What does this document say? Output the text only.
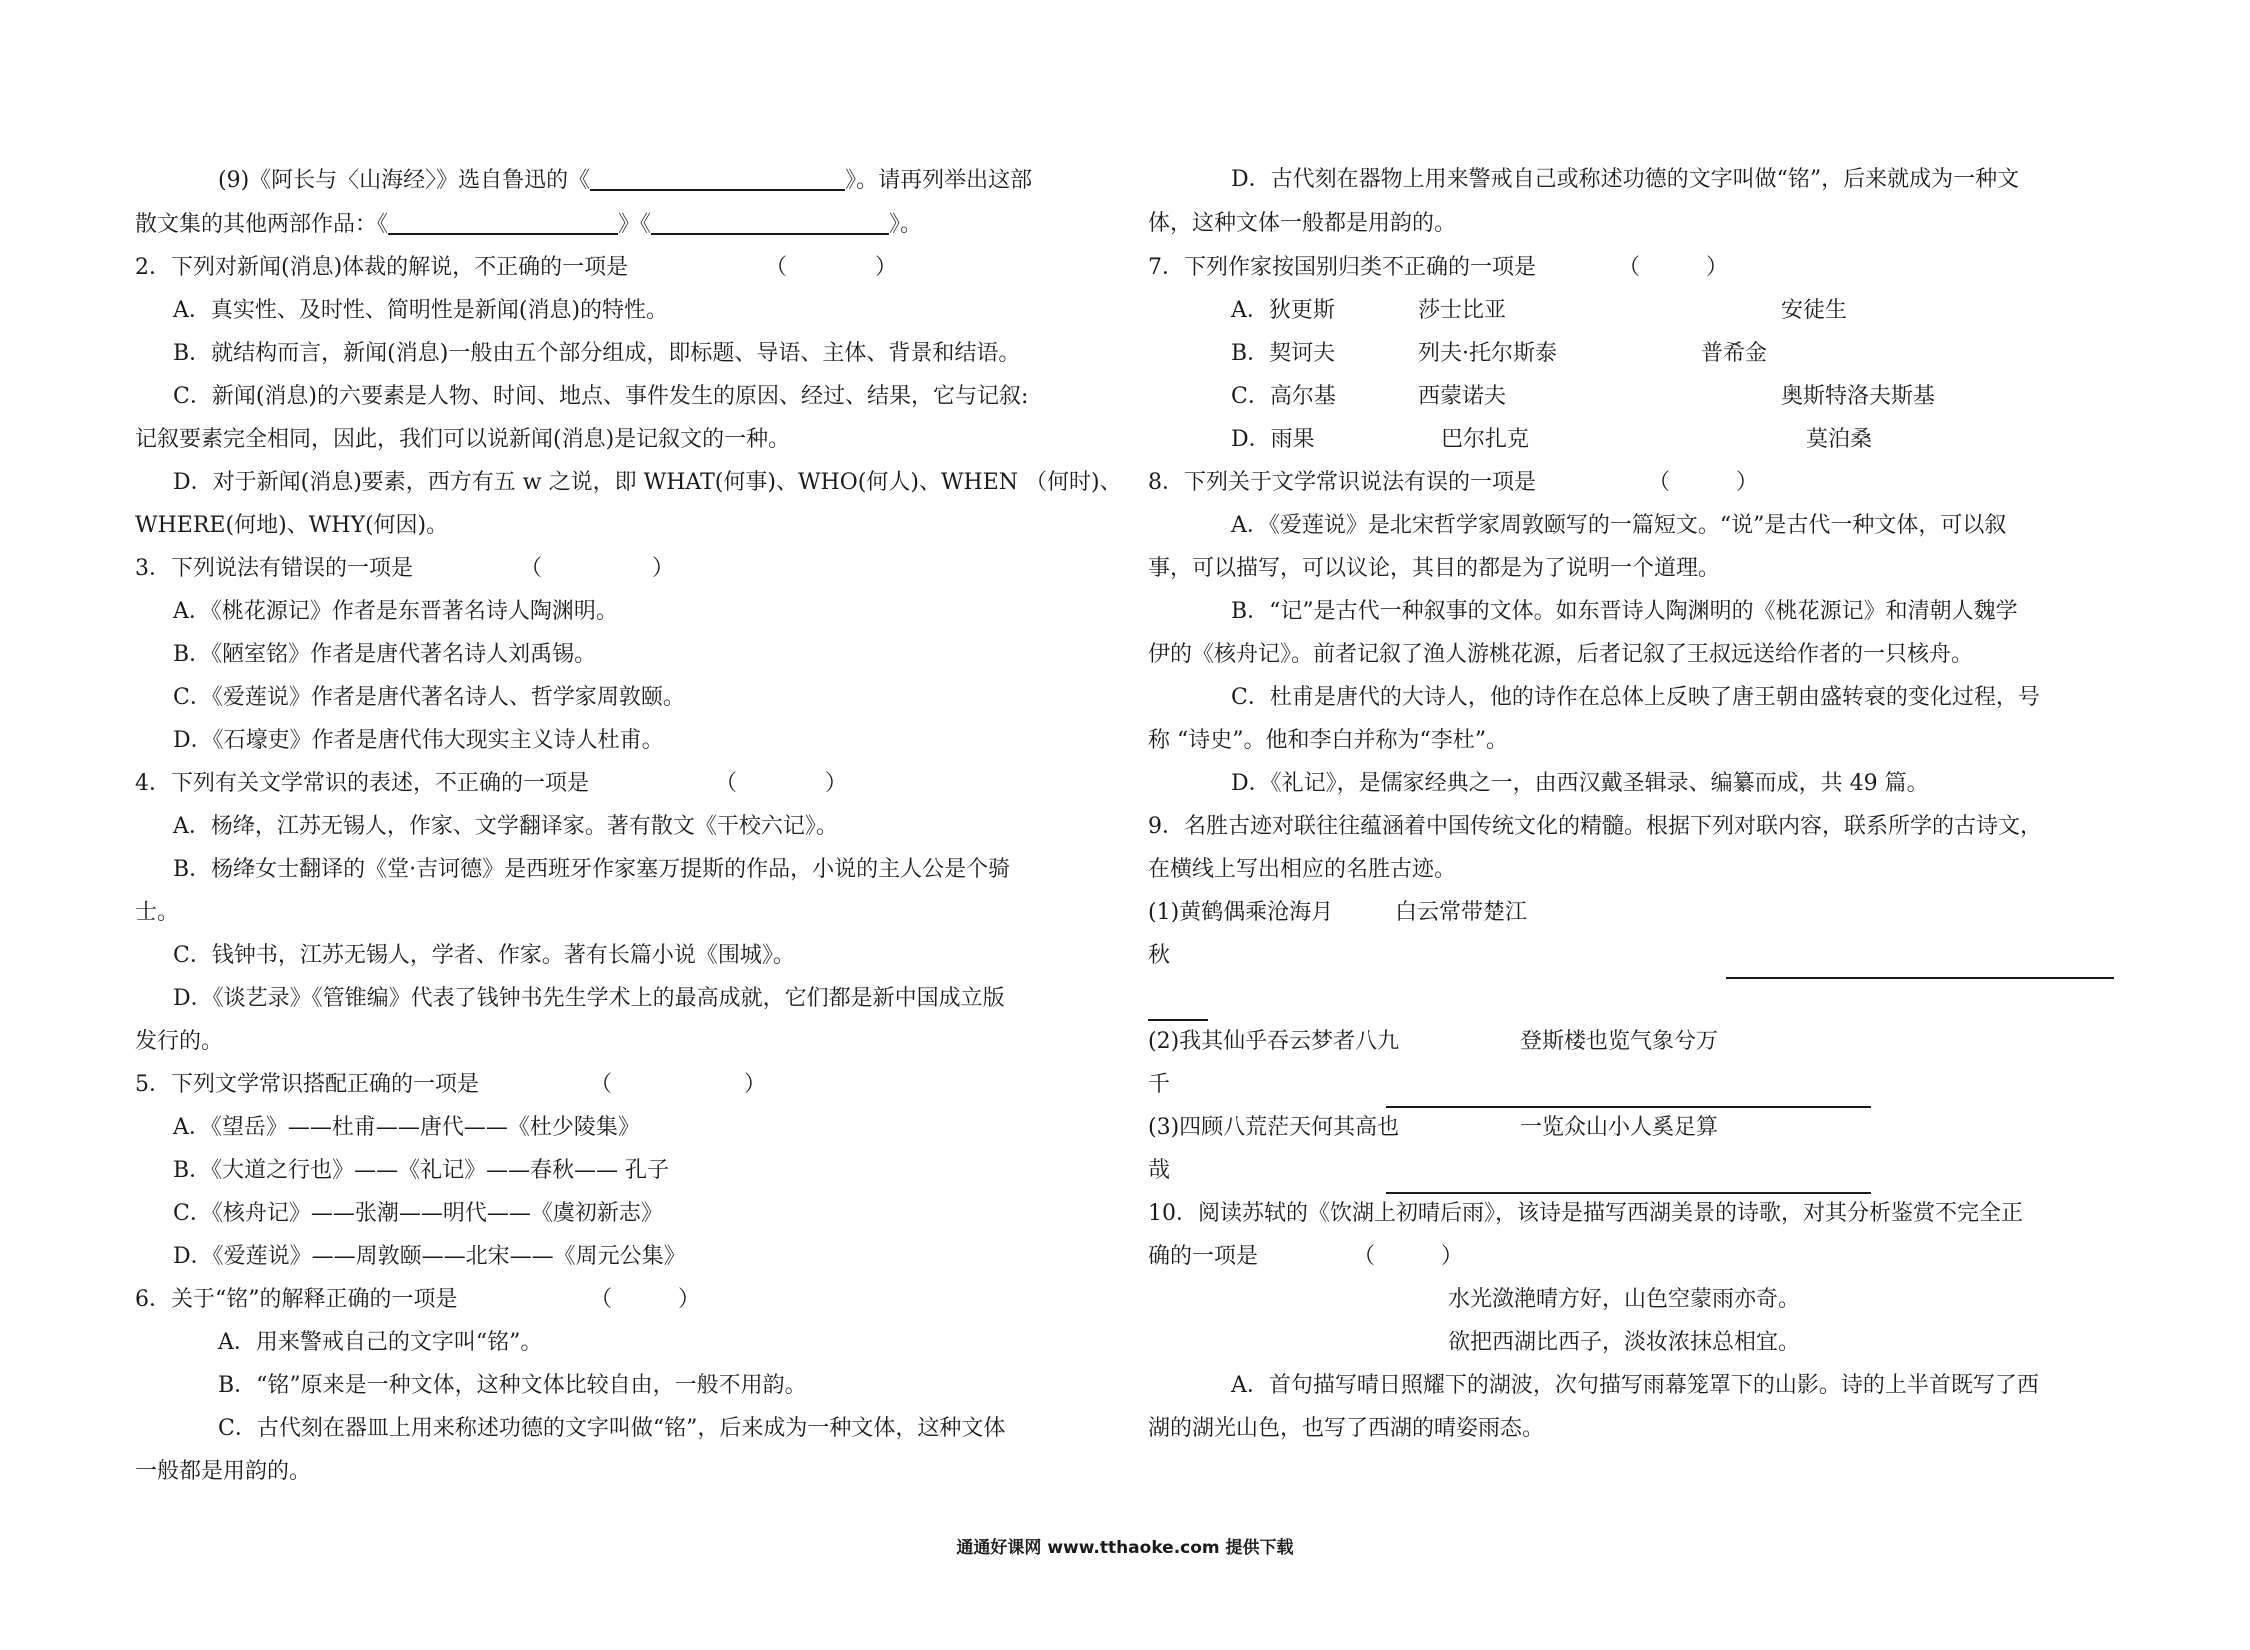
(9)《阿长与〈山海经〉》选自鲁迅的《	》。请再列举出这部
散文集的其他两部作品：《	》《	》。
2．下列对新闻(消息)体裁的解说，不正确的一项是	（　　　　）
A．真实性、及时性、简明性是新闻(消息)的特性。
B．就结构而言，新闻(消息)一般由五个部分组成，即标题、导语、主体、背景和结语。
C．新闻(消息)的六要素是人物、时间、地点、事件发生的原因、经过、结果，它与记叙:
记叙要素完全相同，因此，我们可以说新闻(消息)是记叙文的一种。
D．对于新闻(消息)要素，西方有五 w 之说，即 WHAT(何事)、WHO(何人)、WHEN （何时)、
WHERE(何地)、WHY(何因)。
3．下列说法有错误的一项是	（　　　　　）
A．《桃花源记》作者是东晋著名诗人陶渊明。
B．《陋室铭》作者是唐代著名诗人刘禹锡。
C．《爱莲说》作者是唐代著名诗人、哲学家周敦颐。
D．《石壕吏》作者是唐代伟大现实主义诗人杜甫。
4．下列有关文学常识的表述，不正确的一项是	（　　　　）
A．杨绛，江苏无锡人，作家、文学翻译家。著有散文《干校六记》。
B．杨绛女士翻译的《堂·吉诃德》是西班牙作家塞万提斯的作品，小说的主人公是个骑
士。
C．钱钟书，江苏无锡人，学者、作家。著有长篇小说《围城》。
D．《谈艺录》《管锥编》代表了钱钟书先生学术上的最高成就，它们都是新中国成立版
发行的。
5．下列文学常识搭配正确的一项是	（　　　　　　）
A．《望岳》——杜甫——唐代——《杜少陵集》
B．《大道之行也》——《礼记》——春秋—— 孔子
C．《核舟记》——张潮——明代——《虞初新志》
D．《爱莲说》——周敦颐——北宋——《周元公集》
6．关于“铭”的解释正确的一项是	（　　　）
A．用来警戒自己的文字叫“铭”。
B．“铭”原来是一种文体，这种文体比较自由，一般不用韵。
C．古代刻在器皿上用来称述功德的文字叫做“铭”，后来成为一种文体，这种文体
一般都是用韵的。
D．古代刻在器物上用来警戒自己或称述功德的文字叫做“铭”，后来就成为一种文
体，这种文体一般都是用韵的。
7．下列作家按国别归类不正确的一项是	（　　　）
A．狄更斯	莎士比亚	安徒生
B．契诃夫	列夫·托尔斯泰	普希金
C．高尔基	西蒙诺夫	奥斯特洛夫斯基
D．雨果	巴尔扎克	莫泊桑
8．下列关于文学常识说法有误的一项是	（　　　）
A．《爱莲说》是北宋哲学家周敦颐写的一篇短文。“说”是古代一种文体，可以叙
事，可以描写，可以议论，其目的都是为了说明一个道理。
B．“记”是古代一种叙事的文体。如东晋诗人陶渊明的《桃花源记》和清朝人魏学
伊的《核舟记》。前者记叙了渔人游桃花源，后者记叙了王叔远送给作者的一只核舟。
C．杜甫是唐代的大诗人，他的诗作在总体上反映了唐王朝由盛转衰的变化过程，号
称 “诗史”。他和李白并称为“李杜”。
D．《礼记》，是儒家经典之一，由西汉戴圣辑录、编纂而成，共 49 篇。
9．名胜古迹对联往往蕴涵着中国传统文化的精髓。根据下列对联内容，联系所学的古诗文，
在横线上写出相应的名胜古迹。
(1)黄鹤偶乘沧海月	白云常带楚江
秋
(2)我其仙乎吞云梦者八九	登斯楼也览气象兮万
千
(3)四顾八荒茫天何其高也	一览众山小人奚足算
哉
10．阅读苏轼的《饮湖上初晴后雨》，该诗是描写西湖美景的诗歌，对其分析鉴赏不完全正
确的一项是	（　　　）
水光潋滟晴方好，山色空蒙雨亦奇。
欲把西湖比西子，淡妆浓抹总相宜。
A．首句描写晴日照耀下的湖波，次句描写雨幕笼罩下的山影。诗的上半首既写了西
湖的湖光山色，也写了西湖的晴姿雨态。
通通好课网 www.tthaoke.com 提供下载
